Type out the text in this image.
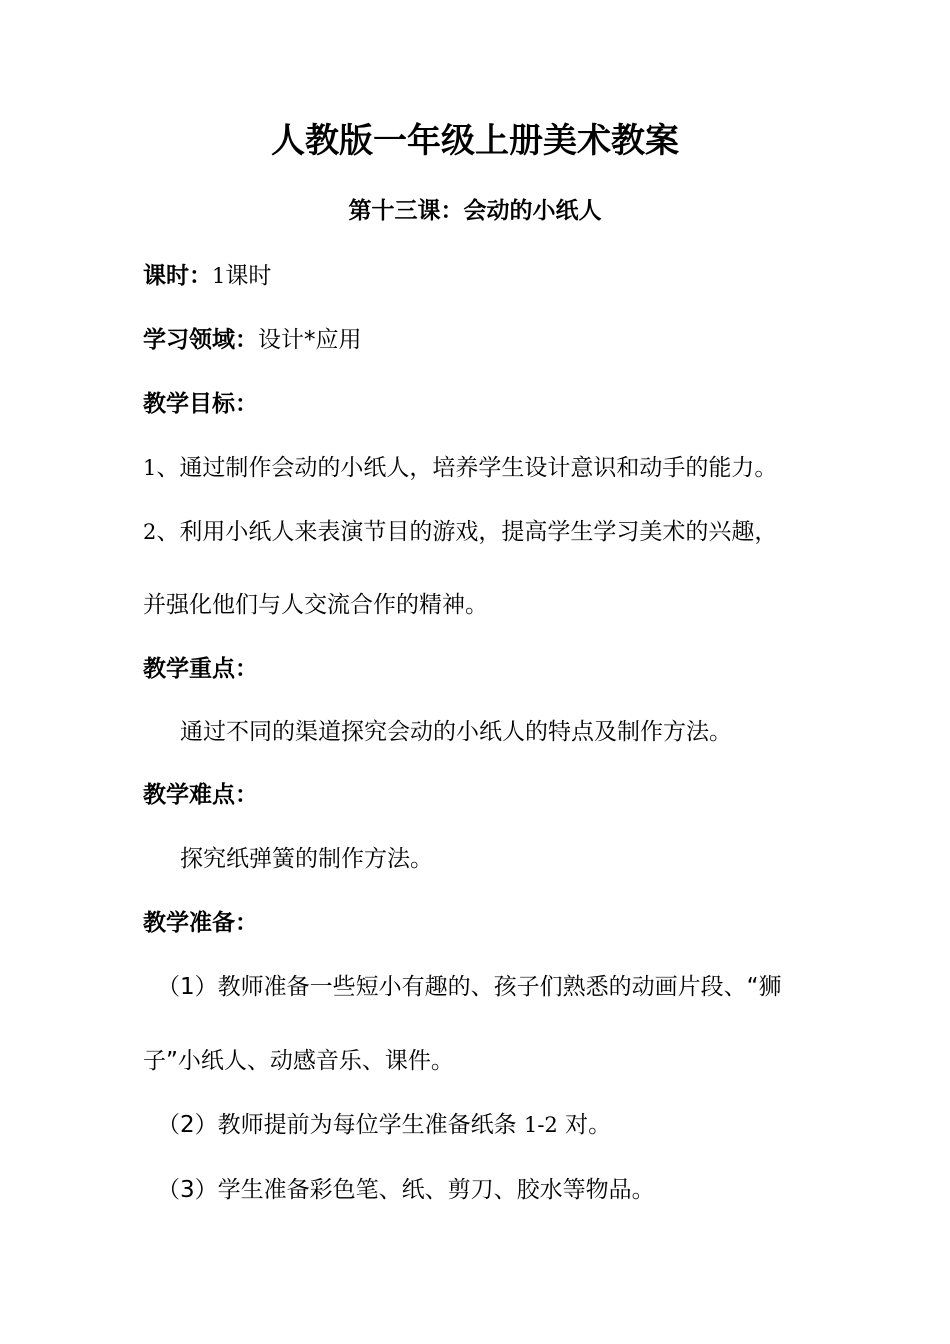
人教版一年级上册美术教案
第十三课：会动的小纸人
课时：1课时
学习领域：设计*应用
教学目标：
1、通过制作会动的小纸人，培养学生设计意识和动手的能力。
2、利用小纸人来表演节目的游戏，提高学生学习美术的兴趣，
并强化他们与人交流合作的精神。
教学重点：
通过不同的渠道探究会动的小纸人的特点及制作方法。
教学难点：
探究纸弹簧的制作方法。
教学准备：
（1）教师准备一些短小有趣的、孩子们熟悉的动画片段、“狮
子”小纸人、动感音乐、课件。
（2）教师提前为每位学生准备纸条 1-2 对。
（3）学生准备彩色笔、纸、剪刀、胶水等物品。
